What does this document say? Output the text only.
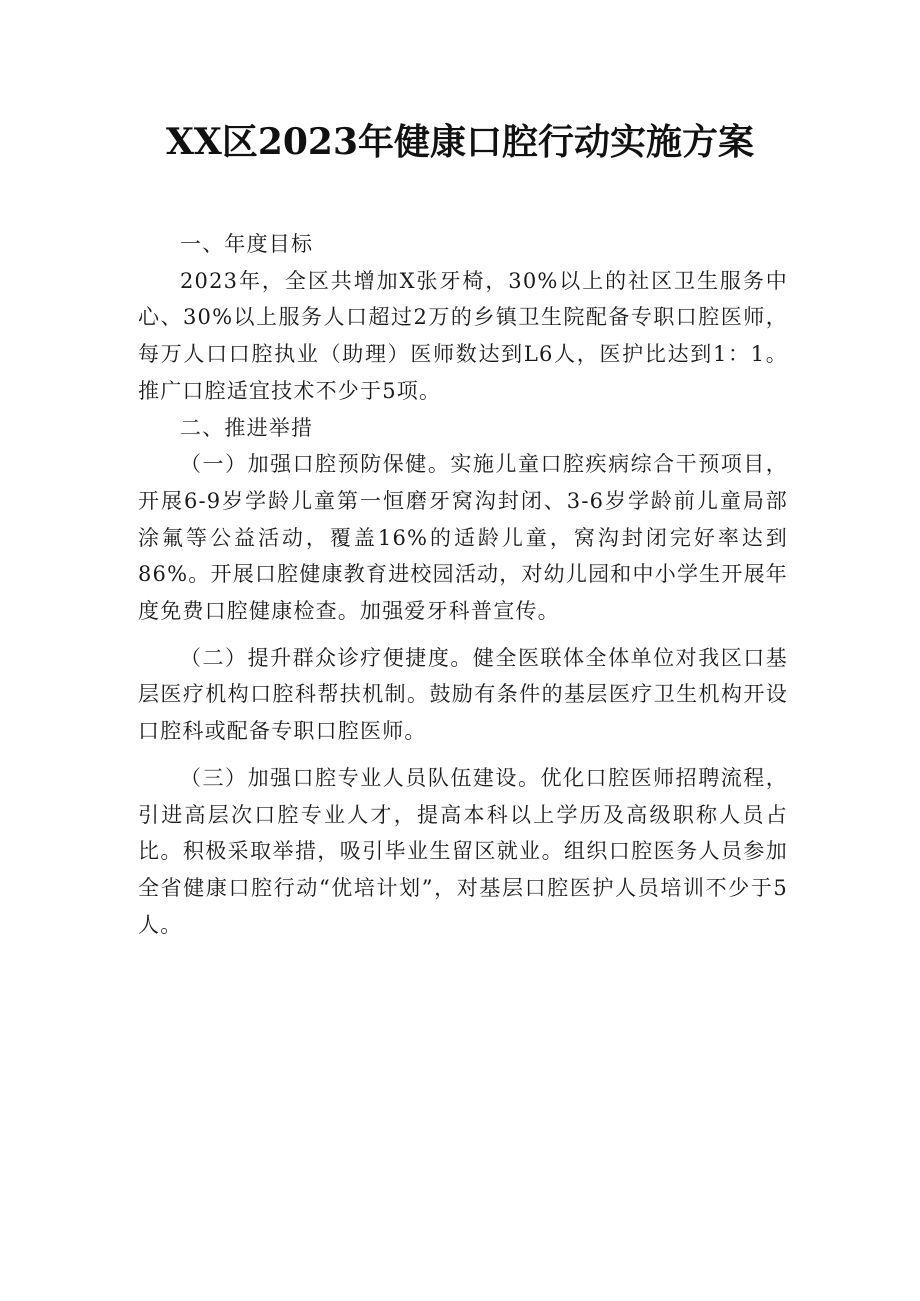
XX区2023年健康口腔行动实施方案

一、年度目标

2023年，全区共增加X张牙椅，30%以上的社区卫生服务中心、30%以上服务人口超过2万的乡镇卫生院配备专职口腔医师，每万人口口腔执业（助理）医师数达到L6人，医护比达到1：1。推广口腔适宜技术不少于5项。

二、推进举措

（一）加强口腔预防保健。实施儿童口腔疾病综合干预项目，开展6-9岁学龄儿童第一恒磨牙窝沟封闭、3-6岁学龄前儿童局部涂氟等公益活动，覆盖16%的适龄儿童，窝沟封闭完好率达到86%。开展口腔健康教育进校园活动，对幼儿园和中小学生开展年度免费口腔健康检查。加强爱牙科普宣传。

（二）提升群众诊疗便捷度。健全医联体全体单位对我区口基层医疗机构口腔科帮扶机制。鼓励有条件的基层医疗卫生机构开设口腔科或配备专职口腔医师。

（三）加强口腔专业人员队伍建设。优化口腔医师招聘流程，引进高层次口腔专业人才，提高本科以上学历及高级职称人员占比。积极采取举措，吸引毕业生留区就业。组织口腔医务人员参加全省健康口腔行动“优培计划”，对基层口腔医护人员培训不少于5人。
